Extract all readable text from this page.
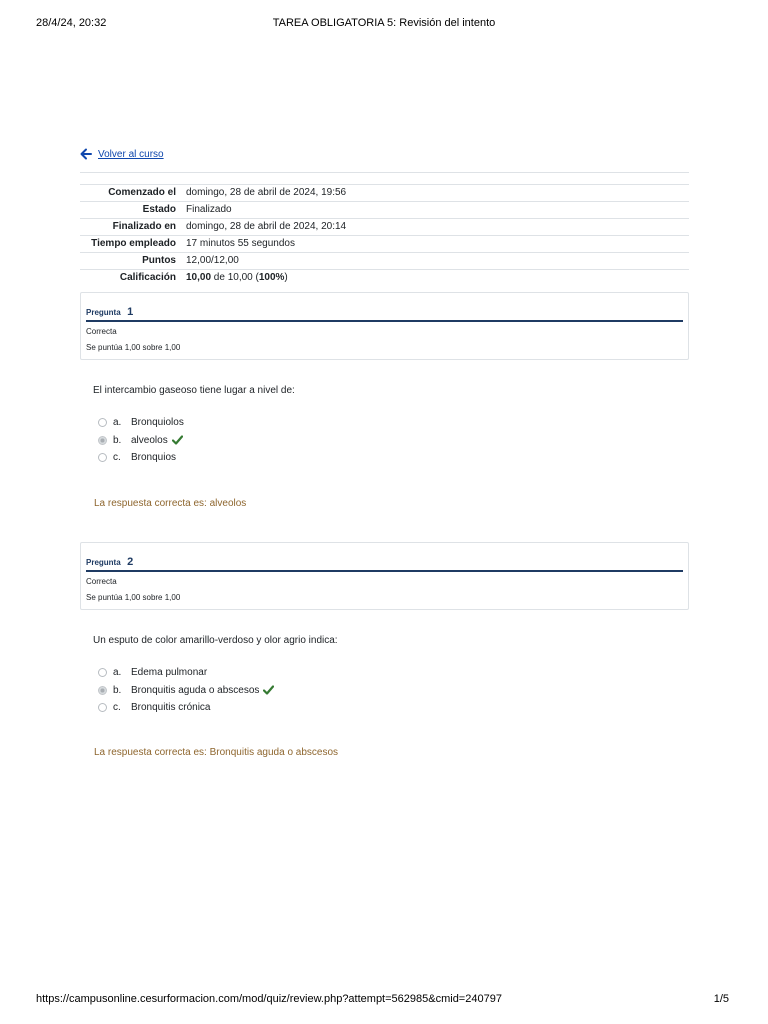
28/4/24, 20:32	TAREA OBLIGATORIA 5: Revisión del intento
Volver al curso
Comenzado el domingo, 28 de abril de 2024, 19:56
Estado Finalizado
Finalizado en domingo, 28 de abril de 2024, 20:14
Tiempo empleado 17 minutos 55 segundos
Puntos 12,00/12,00
Calificación 10,00 de 10,00 (100%)
$_{Pregunta}$ $_1$
Correcta
Se puntúa 1,00 sobre 1,00
El intercambio gaseoso tiene lugar a nivel de:
a. Bronquiolos
b. alveolos
c.	Bronquios
La respuesta correcta es: alveolos
$_{Pregunta}$ $_2$
Correcta
Se puntúa 1,00 sobre 1,00
Un esputo de color amarillo-verdoso y olor agrio indica:
a. Edema pulmonar
b. Bronquitis aguda o abscesos
c.	Bronquitis crónica
La respuesta correcta es: Bronquitis aguda o abscesos
https://campusonline.cesurformacion.com/mod/quiz/review.php?attempt=562985&cmid=240797	1/5
